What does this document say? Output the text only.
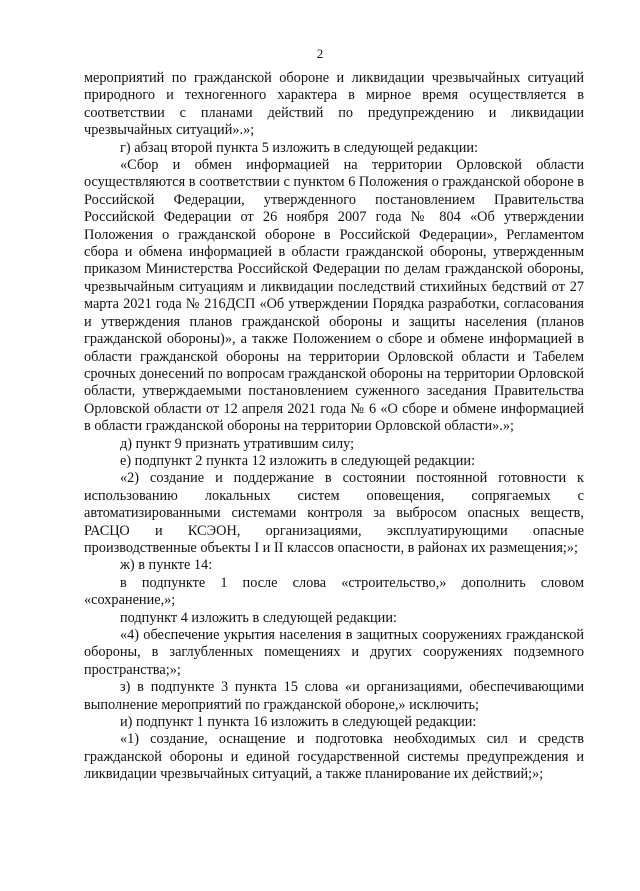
2

мероприятий по гражданской обороне и ликвидации чрезвычайных ситуаций природного и техногенного характера в мирное время осуществляется в соответствии с планами действий по предупреждению и ликвидации чрезвычайных ситуаций».»;

г) абзац второй пункта 5 изложить в следующей редакции:

«Сбор и обмен информацией на территории Орловской области осуществляются в соответствии с пунктом 6 Положения о гражданской обороне в Российской Федерации, утвержденного постановлением Правительства Российской Федерации от 26 ноября 2007 года № 804 «Об утверждении Положения о гражданской обороне в Российской Федерации», Регламентом сбора и обмена информацией в области гражданской обороны, утвержденным приказом Министерства Российской Федерации по делам гражданской обороны, чрезвычайным ситуациям и ликвидации последствий стихийных бедствий от 27 марта 2021 года № 216ДСП «Об утверждении Порядка разработки, согласования и утверждения планов гражданской обороны и защиты населения (планов гражданской обороны)», а также Положением о сборе и обмене информацией в области гражданской обороны на территории Орловской области и Табелем срочных донесений по вопросам гражданской обороны на территории Орловской области, утверждаемыми постановлением суженного заседания Правительства Орловской области от 12 апреля 2021 года № 6 «О сборе и обмене информацией в области гражданской обороны на территории Орловской области».»;

д) пункт 9 признать утратившим силу;

е) подпункт 2 пункта 12 изложить в следующей редакции:

«2) создание и поддержание в состоянии постоянной готовности к использованию локальных систем оповещения, сопрягаемых с автоматизированными системами контроля за выбросом опасных веществ, РАСЦО и КСЭОН, организациями, эксплуатирующими опасные производственные объекты I и II классов опасности, в районах их размещения;»;

ж) в пункте 14:

в подпункте 1 после слова «строительство,» дополнить словом «сохранение,»;

подпункт 4 изложить в следующей редакции:

«4) обеспечение укрытия населения в защитных сооружениях гражданской обороны, в заглубленных помещениях и других сооружениях подземного пространства;»;

з) в подпункте 3 пункта 15 слова «и организациями, обеспечивающими выполнение мероприятий по гражданской обороне,» исключить;

и) подпункт 1 пункта 16 изложить в следующей редакции:

«1) создание, оснащение и подготовка необходимых сил и средств гражданской обороны и единой государственной системы предупреждения и ликвидации чрезвычайных ситуаций, а также планирование их действий;»;
